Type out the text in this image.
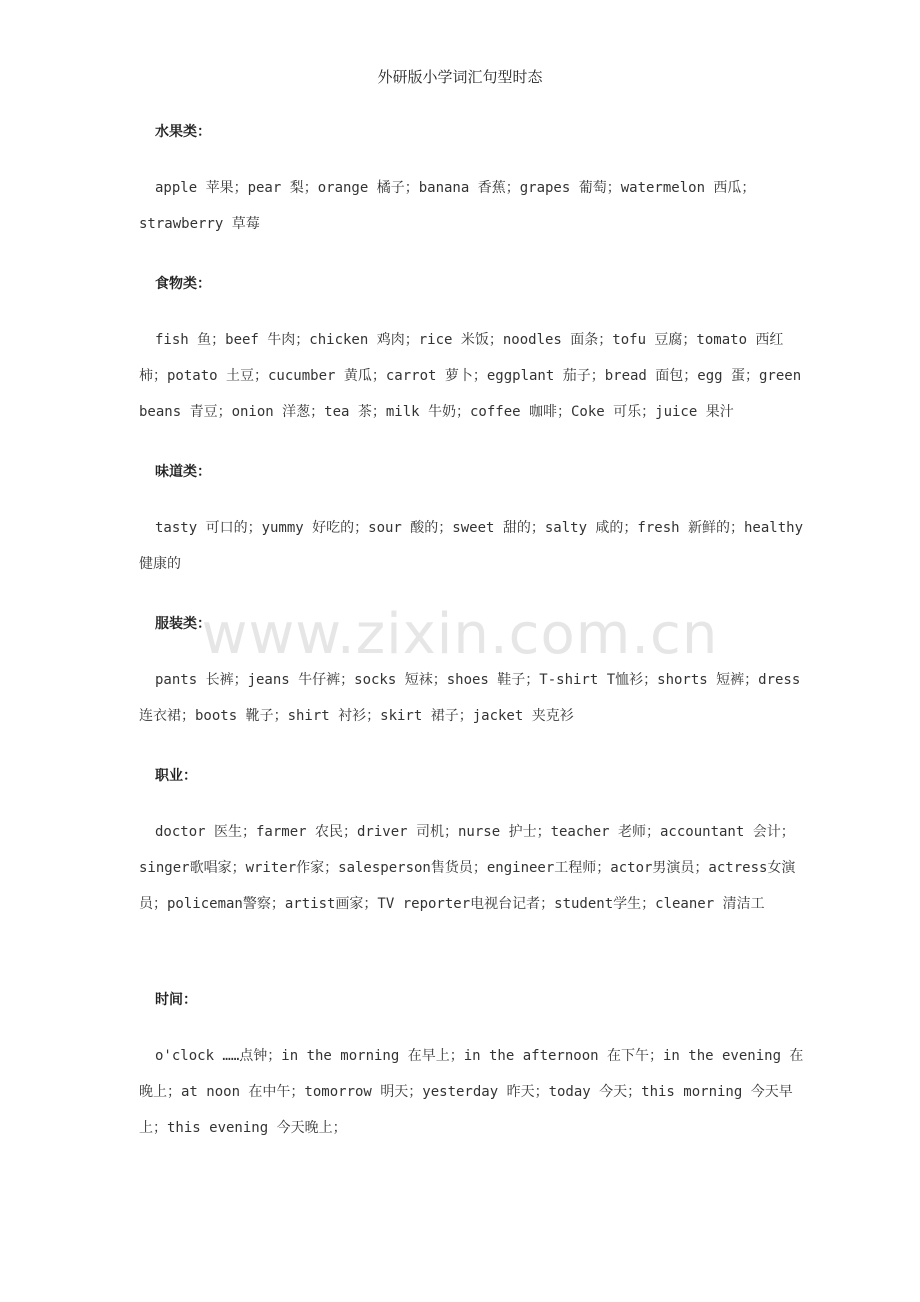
外研版小学词汇句型时态
水果类：
apple 苹果；pear 梨；orange 橘子；banana 香蕉；grapes 葡萄；watermelon 西瓜；strawberry 草莓
食物类：
fish 鱼；beef 牛肉；chicken 鸡肉；rice 米饭；noodles 面条；tofu 豆腐；tomato 西红柿；potato 土豆；cucumber 黄瓜；carrot 萝卜；eggplant 茄子；bread 面包；egg 蛋；green beans 青豆；onion 洋葱；tea 茶；milk 牛奶；coffee 咖啡；Coke 可乐；juice 果汁
味道类：
tasty 可口的；yummy 好吃的；sour 酸的；sweet 甜的；salty 咸的；fresh 新鲜的；healthy 健康的
www.zixin.com.cn
服装类：
pants 长裤；jeans 牛仔裤；socks 短袜；shoes 鞋子；T-shirt T恤衫；shorts 短裤；dress 连衣裙；boots 靴子；shirt 衬衫；skirt 裙子；jacket 夹克衫
职业：
doctor 医生；farmer 农民；driver 司机；nurse 护士；teacher 老师；accountant 会计；singer歌唱家；writer作家；salesperson售货员；engineer工程师；actor男演员；actress女演员；policeman警察；artist画家；TV reporter电视台记者；student学生；cleaner 清洁工
时间：
o'clock ……点钟；in the morning 在早上；in the afternoon 在下午；in the evening 在晚上；at noon 在中午；tomorrow 明天；yesterday 昨天；today 今天；this morning 今天早上；this evening 今天晚上；
